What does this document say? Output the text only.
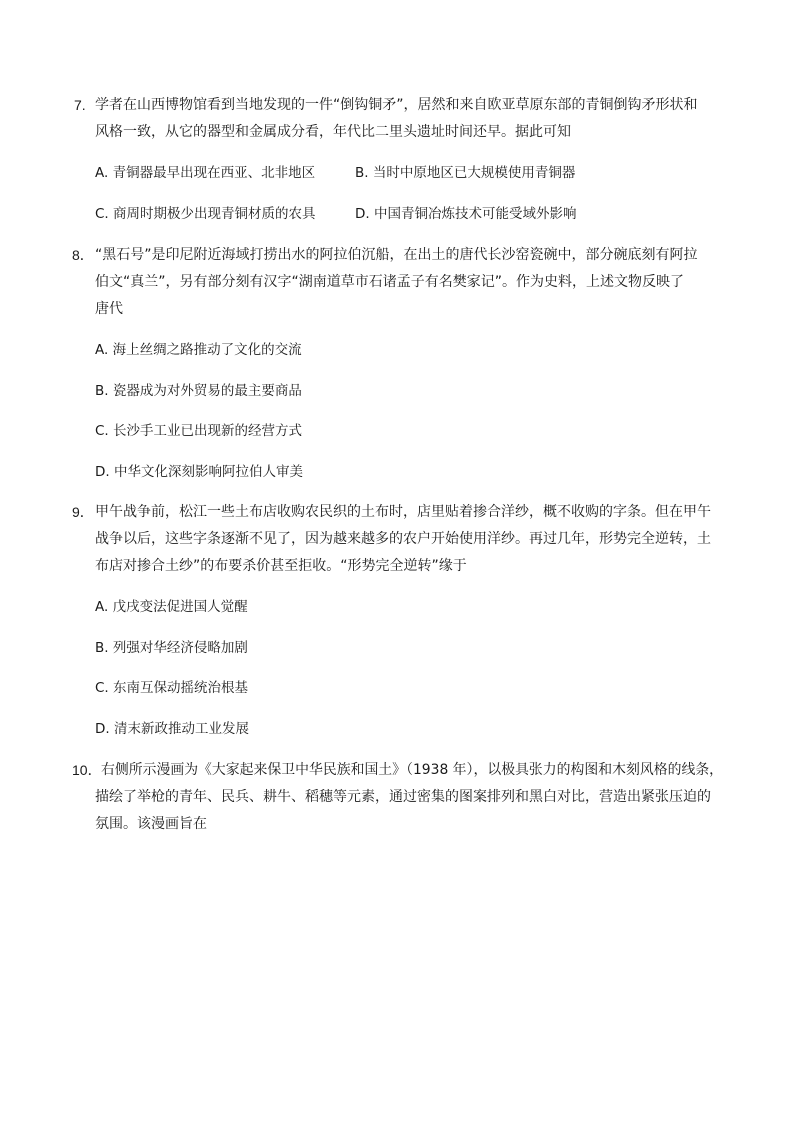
7. 学者在山西博物馆看到当地发现的一件“倒钩铜矛”，居然和来自欧亚草原东部的青铜倒钩矛形状和
风格一致，从它的器型和金属成分看，年代比二里头遗址时间还早。据此可知
A. 青铜器最早出现在西亚、北非地区	B. 当时中原地区已大规模使用青铜器
C. 商周时期极少出现青铜材质的农具	D. 中国青铜冶炼技术可能受域外影响
8． “黑石号”是印尼附近海域打捞出水的阿拉伯沉船，在出土的唐代长沙窑瓷碗中，部分碗底刻有阿拉
伯文“真兰”，另有部分刻有汉字“湖南道草市石诸孟子有名樊家记”。作为史料，上述文物反映了
唐代
A. 海上丝绸之路推动了文化的交流
B. 瓷器成为对外贸易的最主要商品
C. 长沙手工业已出现新的经营方式
D. 中华文化深刻影响阿拉伯人审美
9． 甲午战争前，松江一些土布店收购农民织的土布时，店里贴着掺合洋纱，概不收购的字条。但在甲午
战争以后，这些字条逐渐不见了，因为越来越多的农户开始使用洋纱。再过几年，形势完全逆转，土
布店对掺合土纱”的布要杀价甚至拒收。“形势完全逆转”缘于
A. 戊戌变法促进国人觉醒
B. 列强对华经济侵略加剧
C. 东南互保动摇统治根基
D. 清末新政推动工业发展
10． 右侧所示漫画为《大家起来保卫中华民族和国土》（1938 年），以极具张力的构图和木刻风格的线条，
描绘了举枪的青年、民兵、耕牛、稻穗等元素，通过密集的图案排列和黑白对比，营造出紧张压迫的
氛围。该漫画旨在
